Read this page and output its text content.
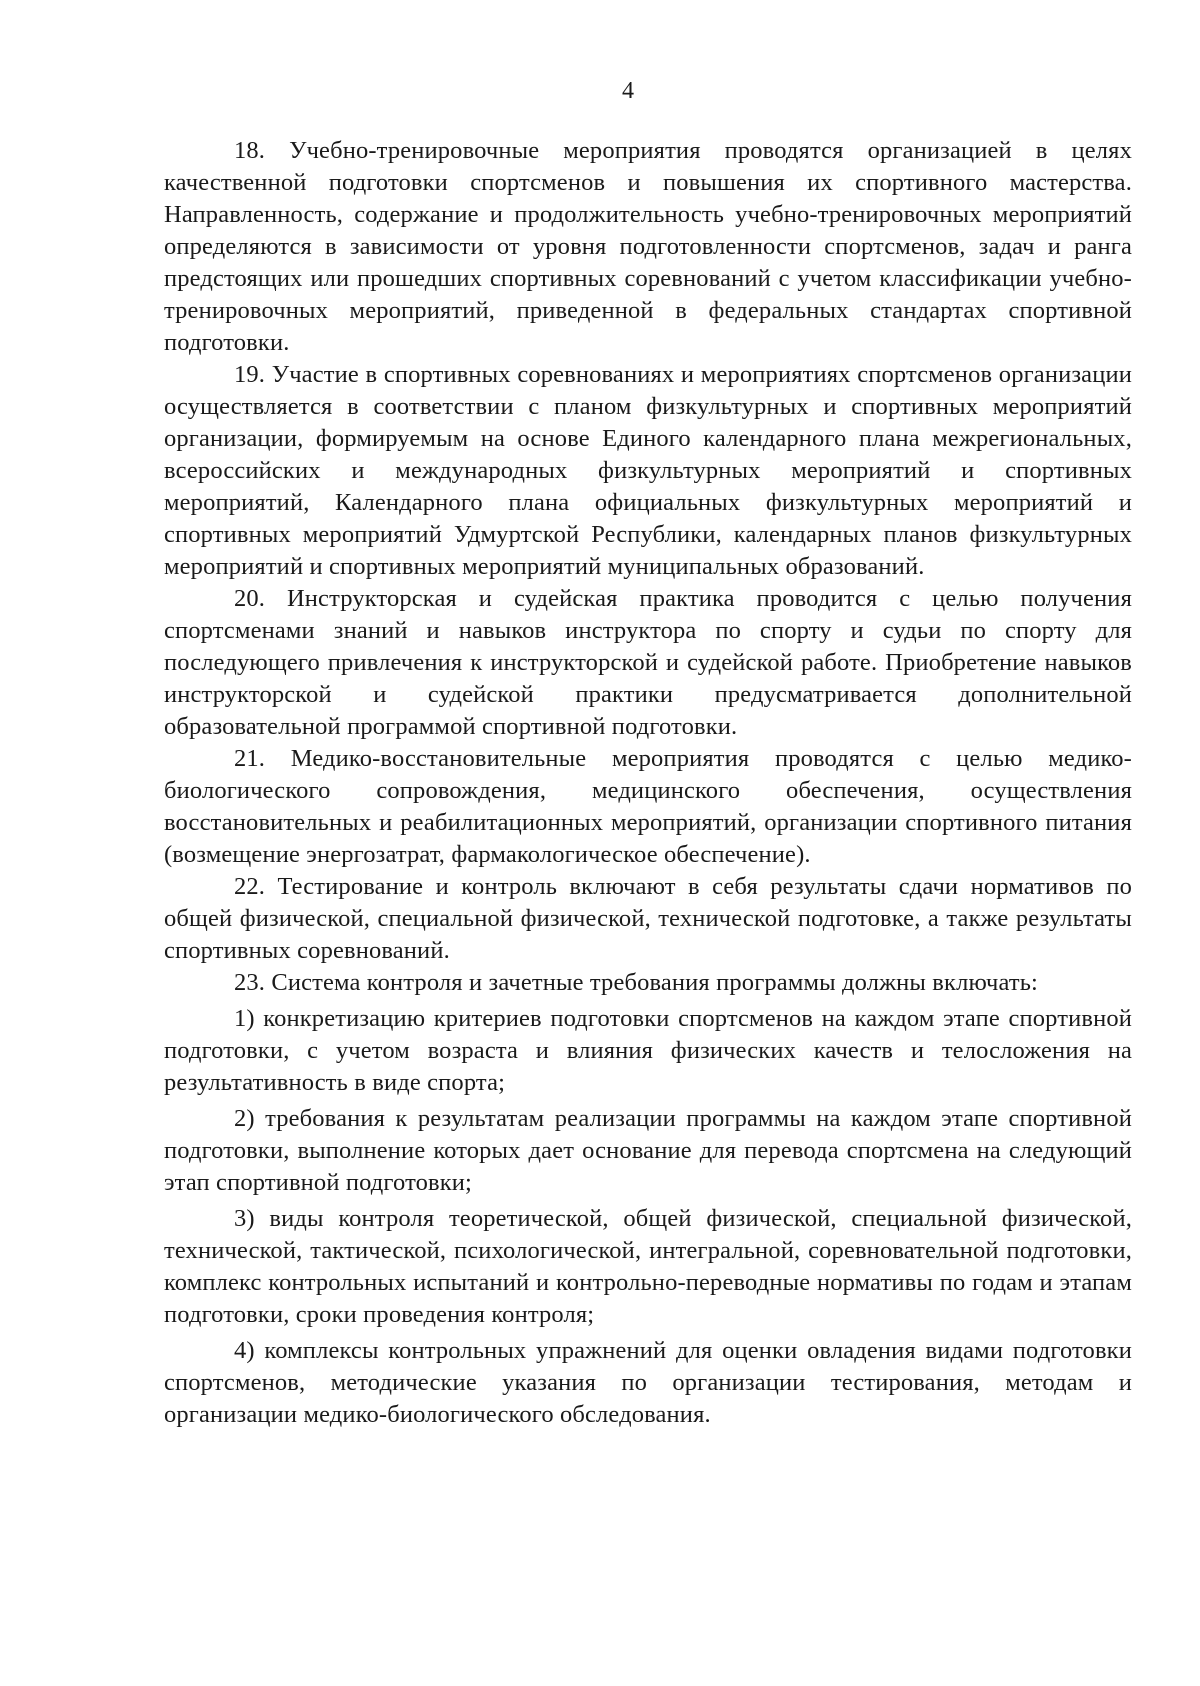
4

18. Учебно-тренировочные мероприятия проводятся организацией в целях качественной подготовки спортсменов и повышения их спортивного мастерства. Направленность, содержание и продолжительность учебно-тренировочных мероприятий определяются в зависимости от уровня подготовленности спортсменов, задач и ранга предстоящих или прошедших спортивных соревнований с учетом классификации учебно-тренировочных мероприятий, приведенной в федеральных стандартах спортивной подготовки.

19. Участие в спортивных соревнованиях и мероприятиях спортсменов организации осуществляется в соответствии с планом физкультурных и спортивных мероприятий организации, формируемым на основе Единого календарного плана межрегиональных, всероссийских и международных физкультурных мероприятий и спортивных мероприятий, Календарного плана официальных физкультурных мероприятий и спортивных мероприятий Удмуртской Республики, календарных планов физкультурных мероприятий и спортивных мероприятий муниципальных образований.

20. Инструкторская и судейская практика проводится с целью получения спортсменами знаний и навыков инструктора по спорту и судьи по спорту для последующего привлечения к инструкторской и судейской работе. Приобретение навыков инструкторской и судейской практики предусматривается дополнительной образовательной программой спортивной подготовки.

21. Медико-восстановительные мероприятия проводятся с целью медико-биологического сопровождения, медицинского обеспечения, осуществления восстановительных и реабилитационных мероприятий, организации спортивного питания (возмещение энергозатрат, фармакологическое обеспечение).

22. Тестирование и контроль включают в себя результаты сдачи нормативов по общей физической, специальной физической, технической подготовке, а также результаты спортивных соревнований.

23. Система контроля и зачетные требования программы должны включать:

1) конкретизацию критериев подготовки спортсменов на каждом этапе спортивной подготовки, с учетом возраста и влияния физических качеств и телосложения на результативность в виде спорта;

2) требования к результатам реализации программы на каждом этапе спортивной подготовки, выполнение которых дает основание для перевода спортсмена на следующий этап спортивной подготовки;

3) виды контроля теоретической, общей физической, специальной физической, технической, тактической, психологической, интегральной, соревновательной подготовки, комплекс контрольных испытаний и контрольно-переводные нормативы по годам и этапам подготовки, сроки проведения контроля;

4) комплексы контрольных упражнений для оценки овладения видами подготовки спортсменов, методические указания по организации тестирования, методам и организации медико-биологического обследования.
